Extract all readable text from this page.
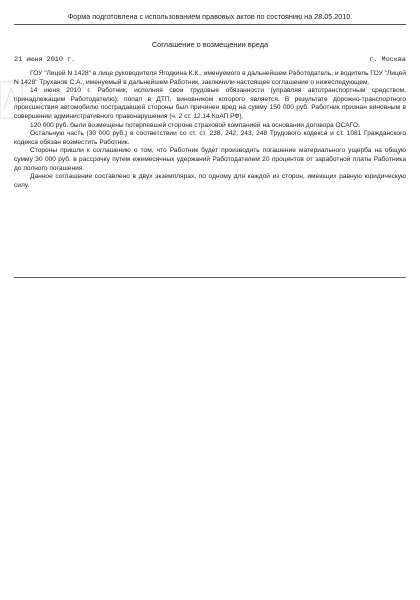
Форма подготовлена с использованием правовых актов по состоянию на 28.05.2010.
Соглашение о возмещении вреда
21 июня 2010 г.	г. Москва

ГОУ "Лицей N 1428" в лице руководителя Ягодкина К.К., именуемого в дальнейшем Работодатель, и водитель ГОУ "Лицей N 1428" Труханов С.А., именуемый в дальнейшем Работник, заключили настоящее соглашение о нижеследующем.

14 июня 2010 г. Работник, исполняя свои трудовые обязанности (управляя автотранспортным средством, принадлежащим Работодателю), попал в ДТП, виновником которого является. В результате дорожно-транспортного происшествия автомобилю пострадавшей стороны был причинен вред на сумму 150 000 руб. Работник признан виновным в совершении административного правонарушения (ч. 2 ст. 12.14 КоАП РФ).

120 000 руб. были возмещены потерпевшей стороне страховой компанией на основании договора ОСАГО.

Остальную часть (30 000 руб.) в соответствии со ст. ст. 238, 242, 243, 248 Трудового кодекса и ст. 1081 Гражданского кодекса обязан возместить Работник.

Стороны пришли к соглашению о том, что Работник будет производить погашение материального ущерба на общую сумму 30 000 руб. в рассрочку путем ежемесячных удержаний Работодателем 20 процентов от заработной платы Работника до полного погашения.

Данное соглашение составлено в двух экземплярах, по одному для каждой из сторон, имеющих равную юридическую силу.
